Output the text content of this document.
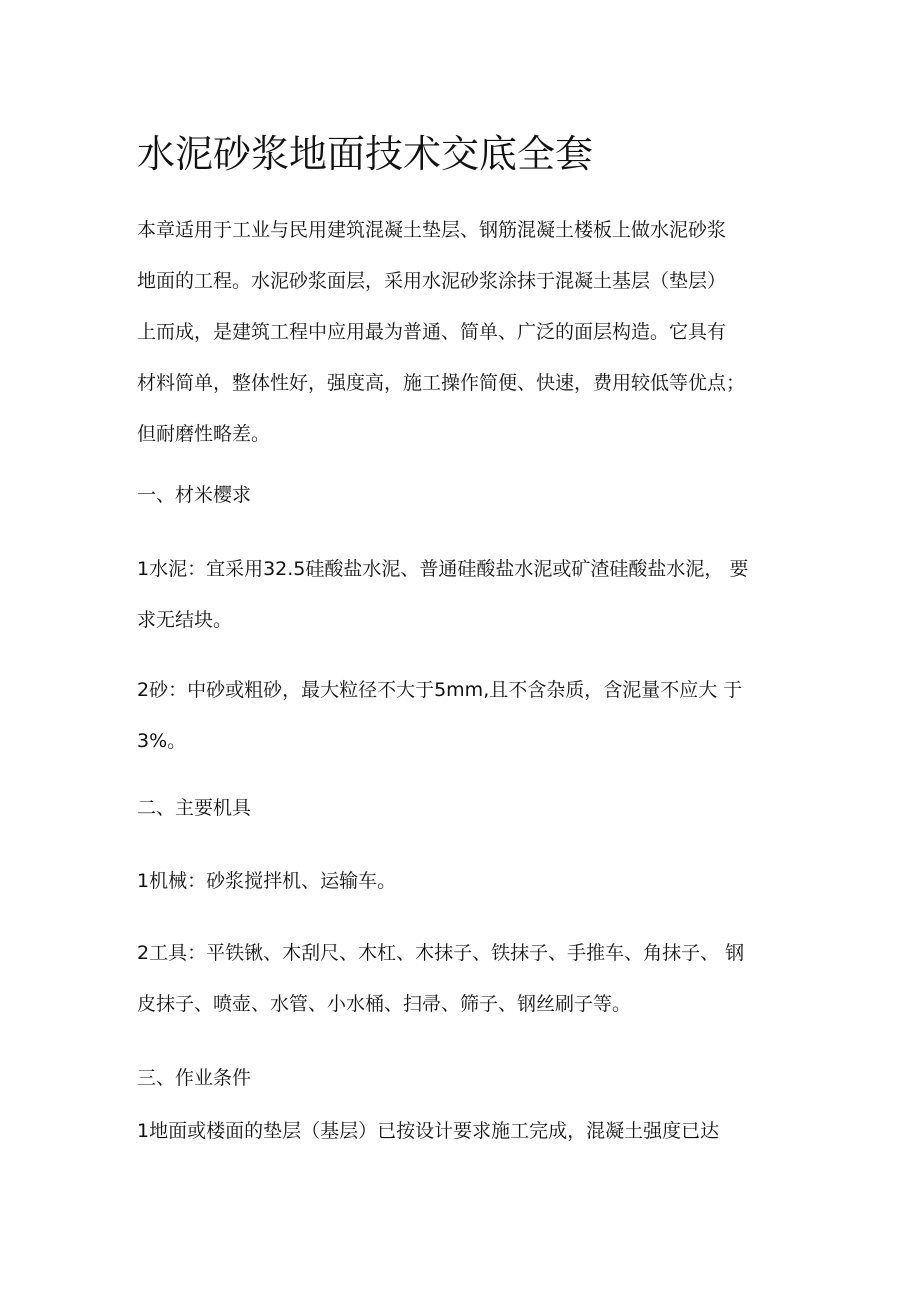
水泥砂浆地面技术交底全套
本章适用于工业与民用建筑混凝土垫层、钢筋混凝土楼板上做水泥砂浆
地面的工程。水泥砂浆面层，采用水泥砂浆涂抹于混凝土基层（垫层）
上而成，是建筑工程中应用最为普通、简单、广泛的面层构造。它具有
材料简单，整体性好，强度高，施工操作简便、快速，费用较低等优点；
但耐磨性略差。
一、材米樱求
1水泥：宜采用32.5硅酸盐水泥、普通硅酸盐水泥或矿渣硅酸盐水泥， 要
求无结块。
2砂：中砂或粗砂，最大粒径不大于5mm,且不含杂质，含泥量不应大 于
3%。
二、主要机具
1机械：砂浆搅拌机、运输车。
2工具：平铁锹、木刮尺、木杠、木抹子、铁抹子、手推车、角抹子、 钢
皮抹子、喷壶、水管、小水桶、扫帚、筛子、钢丝刷子等。
三、作业条件
1地面或楼面的垫层（基层）已按设计要求施工完成，混凝土强度已达
